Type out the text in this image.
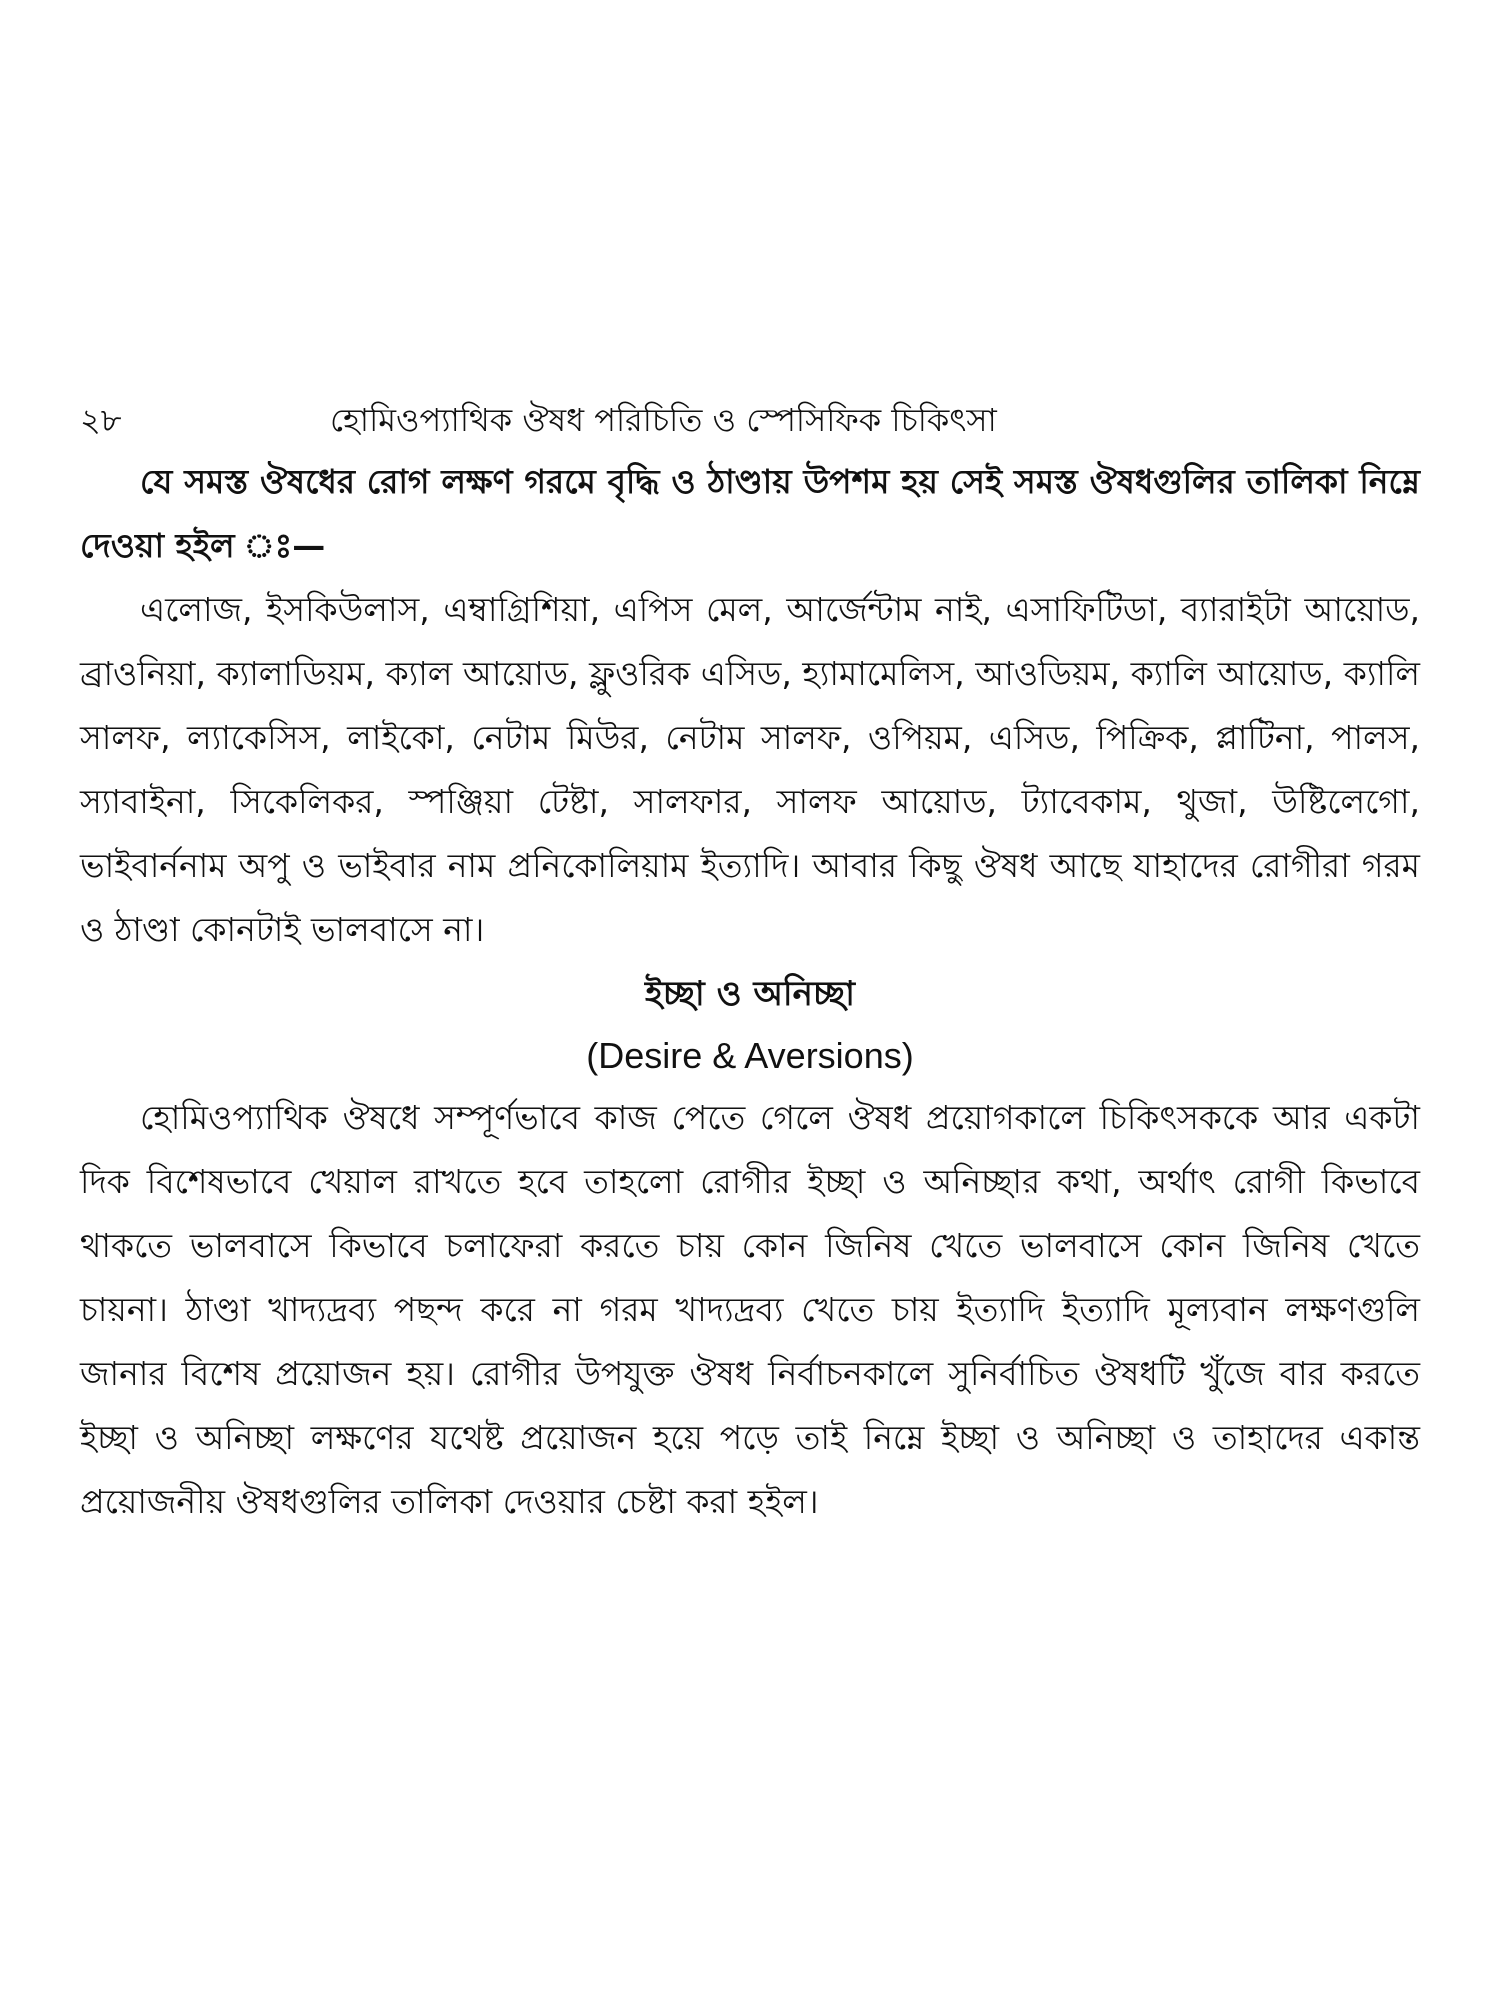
২৮	হোমিওপ্যাথিক ঔষধ পরিচিতি ও স্পেসিফিক চিকিৎসা

যে সমস্ত ঔষধের রোগ লক্ষণ গরমে বৃদ্ধি ও ঠাণ্ডায় উপশম হয় সেই সমস্ত ঔষধগুলির তালিকা নিম্নে দেওয়া হইল ঃ—

এলোজ, ইসকিউলাস, এম্বাগ্রিশিয়া, এপিস মেল, আর্জেন্টাম নাই, এসাফিটিডা, ব্যারাইটা আয়োড, ব্রাওনিয়া, ক্যালাডিয়ম, ক্যাল আয়োড, ফ্লুওরিক এসিড, হ্যামামেলিস, আওডিয়ম, ক্যালি আয়োড, ক্যালি সালফ, ল্যাকেসিস, লাইকো, নেটাম মিউর, নেটাম সালফ, ওপিয়ম, এসিড, পিক্রিক, প্লাটিনা, পালস, স্যাবাইনা, সিকেলিকর, স্পঞ্জিয়া টেষ্টা, সালফার, সালফ আয়োড, ট্যাবেকাম, থুজা, উষ্টিলেগো, ভাইবার্ননাম অপু ও ভাইবার নাম প্রনিকোলিয়াম ইত্যাদি। আবার কিছু ঔষধ আছে যাহাদের রোগীরা গরম ও ঠাণ্ডা কোনটাই ভালবাসে না।

ইচ্ছা ও অনিচ্ছা

(Desire & Aversions)

হোমিওপ্যাথিক ঔষধে সম্পূর্ণভাবে কাজ পেতে গেলে ঔষধ প্রয়োগকালে চিকিৎসককে আর একটা দিক বিশেষভাবে খেয়াল রাখতে হবে তাহলো রোগীর ইচ্ছা ও অনিচ্ছার কথা, অর্থাৎ রোগী কিভাবে থাকতে ভালবাসে কিভাবে চলাফেরা করতে চায় কোন জিনিষ খেতে ভালবাসে কোন জিনিষ খেতে চায়না। ঠাণ্ডা খাদ্যদ্রব্য পছন্দ করে না গরম খাদ্যদ্রব্য খেতে চায় ইত্যাদি ইত্যাদি মূল্যবান লক্ষণগুলি জানার বিশেষ প্রয়োজন হয়। রোগীর উপযুক্ত ঔষধ নির্বাচনকালে সুনির্বাচিত ঔষধটি খুঁজে বার করতে ইচ্ছা ও অনিচ্ছা লক্ষণের যথেষ্ট প্রয়োজন হয়ে পড়ে তাই নিম্নে ইচ্ছা ও অনিচ্ছা ও তাহাদের একান্ত প্রয়োজনীয় ঔষধগুলির তালিকা দেওয়ার চেষ্টা করা হইল।
